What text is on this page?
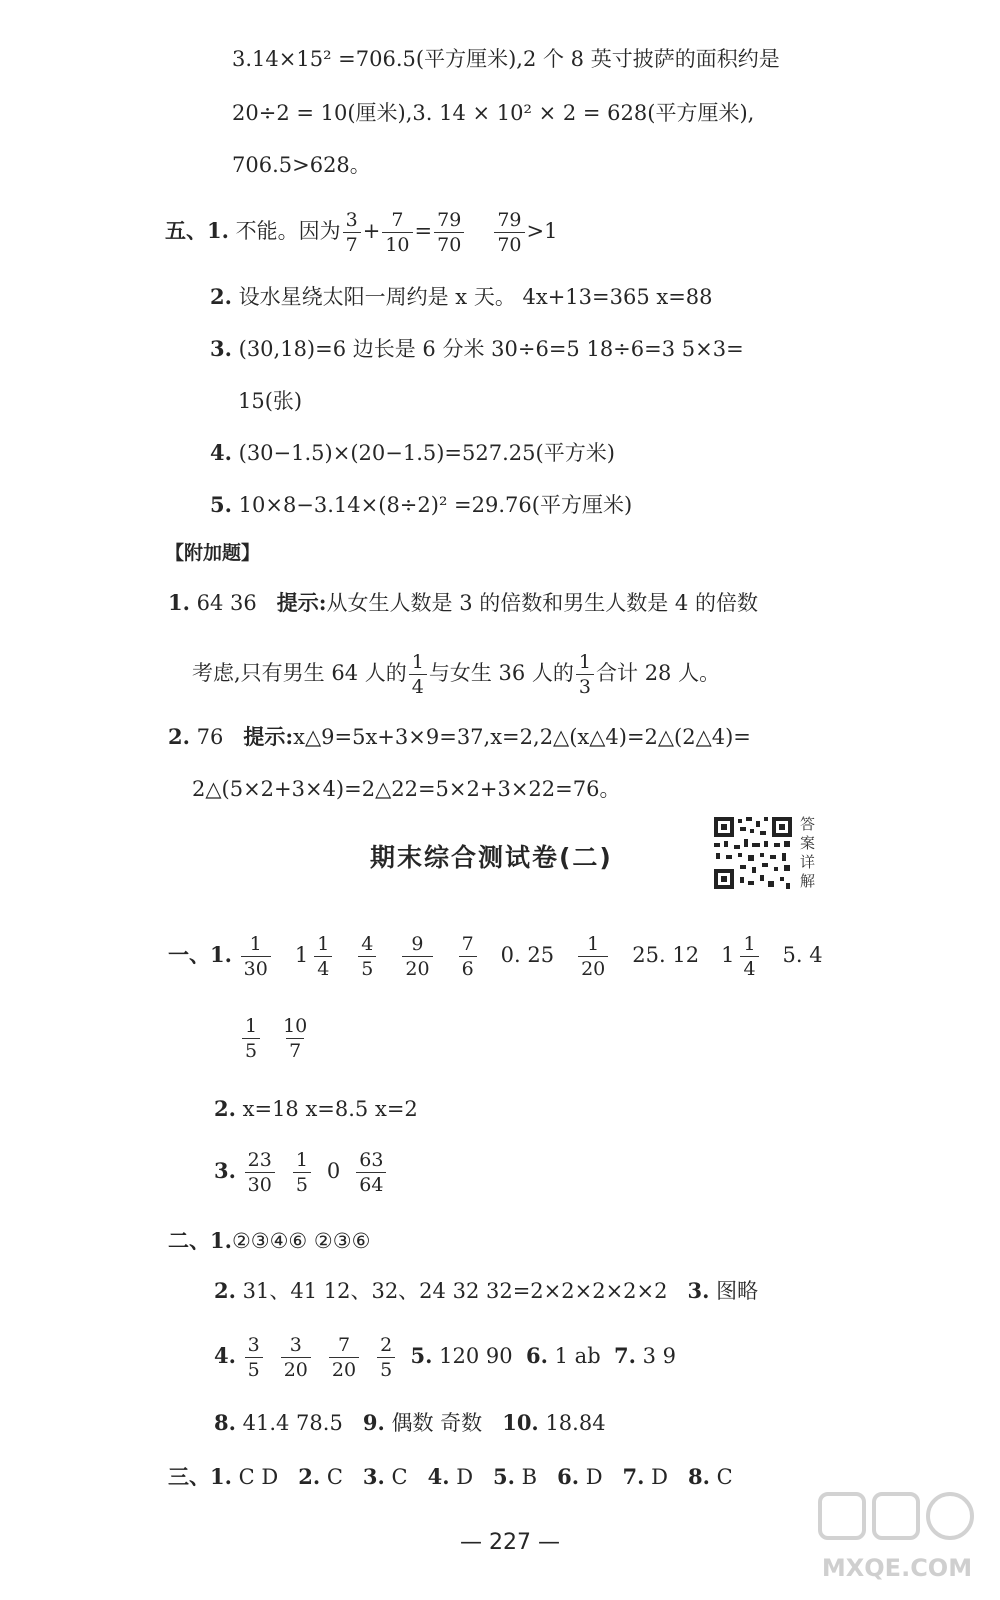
3.14×15² =706.5(平方厘米),2 个 8 英寸披萨的面积约是
20÷2 = 10(厘米),3. 14 × 10² × 2 = 628(平方厘米),
706.5>628。
五、1. 不能。因为 $\frac{3}{7} + \frac{7}{10} = \frac{79}{70} \frac{79}{70} >1$
2. 设水星绕太阳一周约是 x 天。 4x+13=365 x=88
3. (30,18)=6 边长是 6 分米 30÷6=5 18÷6=3 5×3=
15(张)
4. (30−1.5)×(20−1.5)=527.25(平方米)
5. 10×8−3.14×(8÷2)² =29.76(平方厘米)
【附加题】
1. 64 36 提示:从女生人数是 3 的倍数和男生人数是 4 的倍数
考虑,只有男生 64 人的 $\frac{1}{4}$ 与女生 36 人的 $\frac{1}{3}$ 合计 28 人。
2. 76 提示:x△9=5x+3×9=37,x=2,2△(x△4)=2△(2△4)=
2△(5×2+3×4)=2△22=5×2+3×22=76。
期末综合测试卷(二)
答案详解
一、1. $\frac{1}{30} 1 \frac{1}{4} \frac{4}{5} \frac{9}{20} \frac{7}{6} 0$. $25 \frac{1}{20} 25$. 12 $1 \frac{1}{4} 5$. 4
$\frac{1}{5} \frac{10}{7}$
2. x=18 x=8.5 x=2
3. $\frac{23}{30} \frac{1}{5} 0 \frac{63}{64}$
二、1.②③④⑥ ②③⑥
2. 31、41 12、32、24 32 32=2×2×2×2×2 3. 图略
4. $\frac{3}{5} \frac{3}{20} \frac{7}{20} \frac{2}{5} 5$. 120 90 6. 1 ab 7. 3 9
8. 41.4 78.5 9. 偶数 奇数 10. 18.84
三、1. C D 2. C 3. C 4. D 5. B 6. D 7. D 8. C
— 227 —
MXQE.COM
